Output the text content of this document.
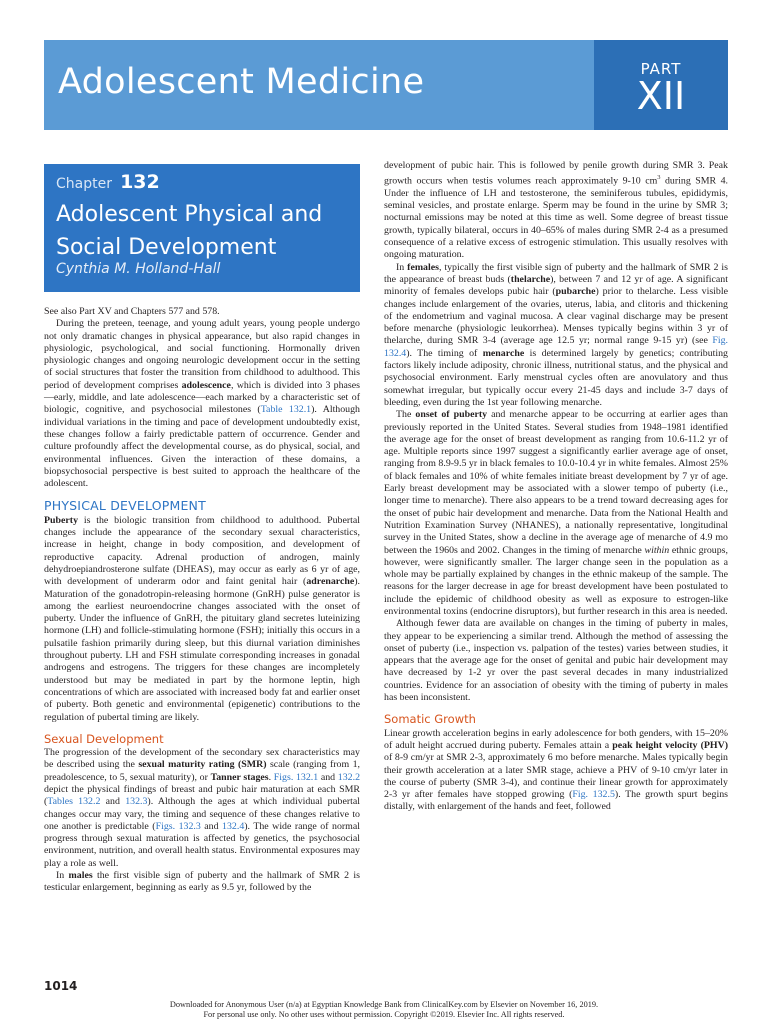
Adolescent Medicine	PART
XII
Chapter 132
Adolescent Physical and
Social Development
Cynthia M. Holland-Hall

See also Part XV and Chapters 577 and 578.

During the preteen, teenage, and young adult years, young people undergo not only dramatic changes in physical appearance, but also rapid changes in physiologic, psychological, and social functioning. Hormonally driven physiologic changes and ongoing neurologic development occur in the setting of social structures that foster the transition from childhood to adulthood. This period of development comprises adolescence, which is divided into 3 phases—early, middle, and late adolescence—each marked by a characteristic set of biologic, cognitive, and psychosocial milestones (Table 132.1). Although individual variations in the timing and pace of development undoubtedly exist, these changes follow a fairly predictable pattern of occurrence. Gender and culture profoundly affect the developmental course, as do physical, social, and environmental influences. Given the interaction of these domains, a biopsychosocial perspective is best suited to approach the healthcare of the adolescent.

PHYSICAL DEVELOPMENT

Puberty is the biologic transition from childhood to adulthood. Pubertal changes include the appearance of the secondary sexual characteristics, increase in height, change in body composition, and development of reproductive capacity. Adrenal production of androgen, mainly dehydroepiandrosterone sulfate (DHEAS), may occur as early as 6 yr of age, with development of underarm odor and faint genital hair (adrenarche). Maturation of the gonadotropin-releasing hormone (GnRH) pulse generator is among the earliest neuroendocrine changes associated with the onset of puberty. Under the influence of GnRH, the pituitary gland secretes luteinizing hormone (LH) and follicle-stimulating hormone (FSH); initially this occurs in a pulsatile fashion primarily during sleep, but this diurnal variation diminishes throughout puberty. LH and FSH stimulate corresponding increases in gonadal androgens and estrogens. The triggers for these changes are incompletely understood but may be mediated in part by the hormone leptin, high concentrations of which are associated with increased body fat and earlier onset of puberty. Both genetic and environmental (epigenetic) contributions to the regulation of pubertal timing are likely.

Sexual Development

The progression of the development of the secondary sex characteristics may be described using the sexual maturity rating (SMR) scale (ranging from 1, preadolescence, to 5, sexual maturity), or Tanner stages. Figs. 132.1 and 132.2 depict the physical findings of breast and pubic hair maturation at each SMR (Tables 132.2 and 132.3). Although the ages at which individual pubertal changes occur may vary, the timing and sequence of these changes relative to one another is predictable (Figs. 132.3 and 132.4). The wide range of normal progress through sexual maturation is affected by genetics, the psychosocial environment, nutrition, and overall health status. Environmental exposures may play a role as well.

In males the first visible sign of puberty and the hallmark of SMR 2 is testicular enlargement, beginning as early as 9.5 yr, followed by the

development of pubic hair. This is followed by penile growth during SMR 3. Peak growth occurs when testis volumes reach approximately 9-10 $cm^3$ during SMR 4. Under the influence of LH and testosterone, the seminiferous tubules, epididymis, seminal vesicles, and prostate enlarge. Sperm may be found in the urine by SMR 3; nocturnal emissions may be noted at this time as well. Some degree of breast tissue growth, typically bilateral, occurs in 40–65% of males during SMR 2-4 as a presumed consequence of a relative excess of estrogenic stimulation. This usually resolves with ongoing maturation.

In females, typically the first visible sign of puberty and the hallmark of SMR 2 is the appearance of breast buds (thelarche), between 7 and 12 yr of age. A significant minority of females develops pubic hair (pubarche) prior to thelarche. Less visible changes include enlargement of the ovaries, uterus, labia, and clitoris and thickening of the endometrium and vaginal mucosa. A clear vaginal discharge may be present before menarche (physiologic leukorrhea). Menses typically begins within 3 yr of thelarche, during SMR 3-4 (average age 12.5 yr; normal range 9-15 yr) (see Fig. 132.4). The timing of menarche is determined largely by genetics; contributing factors likely include adiposity, chronic illness, nutritional status, and the physical and psychosocial environment. Early menstrual cycles often are anovulatory and thus somewhat irregular, but typically occur every 21-45 days and include 3-7 days of bleeding, even during the 1st year following menarche.

The onset of puberty and menarche appear to be occurring at earlier ages than previously reported in the United States. Several studies from 1948–1981 identified the average age for the onset of breast development as ranging from 10.6-11.2 yr of age. Multiple reports since 1997 suggest a significantly earlier average age of onset, ranging from 8.9-9.5 yr in black females to 10.0-10.4 yr in white females. Almost 25% of black females and 10% of white females initiate breast development by 7 yr of age. Early breast development may be associated with a slower tempo of puberty (i.e., longer time to menarche). There also appears to be a trend toward decreasing ages for the onset of pubic hair development and menarche. Data from the National Health and Nutrition Examination Survey (NHANES), a nationally representative, longitudinal survey in the United States, show a decline in the average age of menarche of 4.9 mo between the 1960s and 2002. Changes in the timing of menarche within ethnic groups, however, were significantly smaller. The larger change seen in the population as a whole may be partially explained by changes in the ethnic makeup of the sample. The reasons for the larger decrease in age for breast development have been postulated to include the epidemic of childhood obesity as well as exposure to estrogen-like environmental toxins (endocrine disruptors), but further research in this area is needed.

Although fewer data are available on changes in the timing of puberty in males, they appear to be experiencing a similar trend. Although the method of assessing the onset of puberty (i.e., inspection vs. palpation of the testes) varies between studies, it appears that the average age for the onset of genital and pubic hair development may have decreased by 1-2 yr over the past several decades in many industrialized countries. Evidence for an association of obesity with the timing of puberty in males has been inconsistent.

Somatic Growth

Linear growth acceleration begins in early adolescence for both genders, with 15–20% of adult height accrued during puberty. Females attain a peak height velocity (PHV) of 8-9 cm/yr at SMR 2-3, approximately 6 mo before menarche. Males typically begin their growth acceleration at a later SMR stage, achieve a PHV of 9-10 cm/yr later in the course of puberty (SMR 3-4), and continue their linear growth for approximately 2-3 yr after females have stopped growing (Fig. 132.5). The growth spurt begins distally, with enlargement of the hands and feet, followed

1014
Downloaded for Anonymous User (n/a) at Egyptian Knowledge Bank from ClinicalKey.com by Elsevier on November 16, 2019.
For personal use only. No other uses without permission. Copyright ©2019. Elsevier Inc. All rights reserved.
